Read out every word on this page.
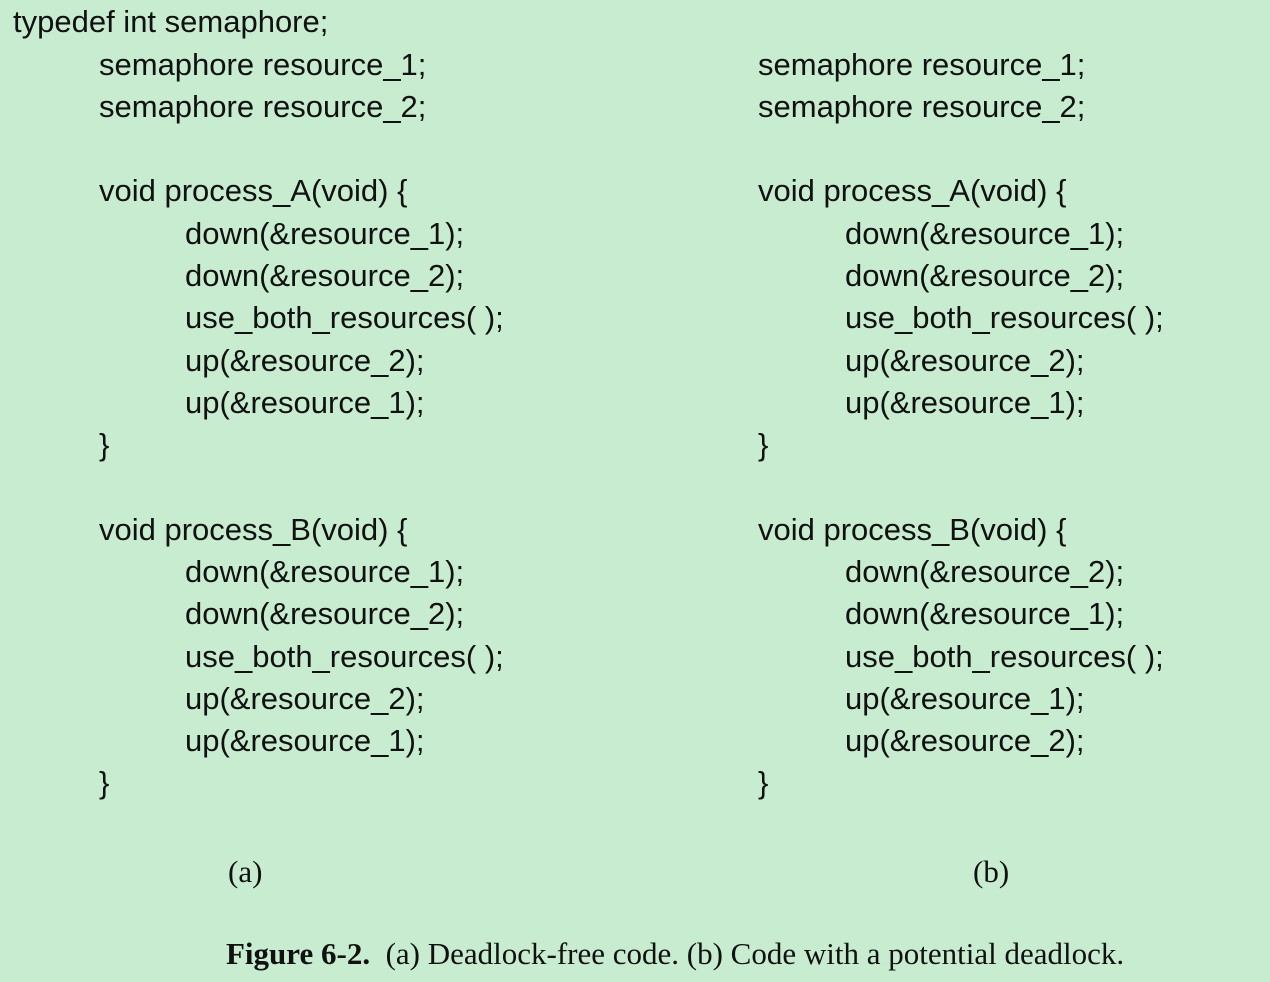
typedef int semaphore;

semaphore resource_1;

semaphore resource_2;

void process_A(void) {

down(&resource_1);

down(&resource_2);

use_both_resources( );

up(&resource_2);

up(&resource_1);

}

void process_B(void) {

down(&resource_1);

down(&resource_2);

use_both_resources( );

up(&resource_2);

up(&resource_1);

}

(a)

semaphore resource_1;

semaphore resource_2;

void process_A(void) {

down(&resource_1);

down(&resource_2);

use_both_resources( );

up(&resource_2);

up(&resource_1);

}

void process_B(void) {

down(&resource_2);

down(&resource_1);

use_both_resources( );

up(&resource_1);

up(&resource_2);

}

(b)
Figure 6-2. (a) Deadlock-free code. (b) Code with a potential deadlock.
